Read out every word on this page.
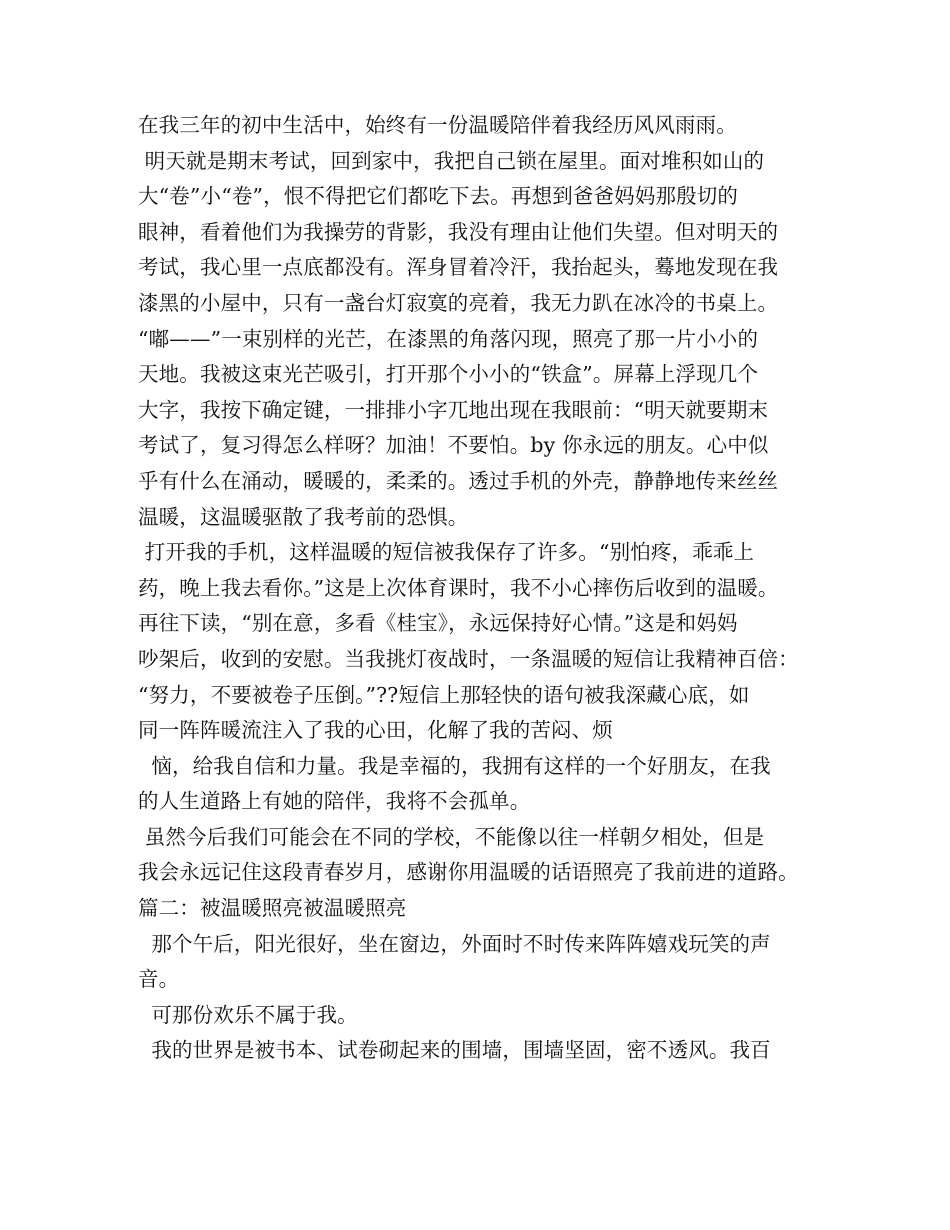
在我三年的初中生活中，始终有一份温暖陪伴着我经历风风雨雨。
明天就是期末考试，回到家中，我把自己锁在屋里。面对堆积如山的
大“卷”小“卷”，恨不得把它们都吃下去。再想到爸爸妈妈那殷切的
眼神，看着他们为我操劳的背影，我没有理由让他们失望。但对明天的
考试，我心里一点底都没有。浑身冒着冷汗，我抬起头，蓦地发现在我
漆黑的小屋中，只有一盏台灯寂寞的亮着，我无力趴在冰冷的书桌上。
“嘟——”一束别样的光芒，在漆黑的角落闪现，照亮了那一片小小的
天地。我被这束光芒吸引，打开那个小小的“铁盒”。屏幕上浮现几个
大字，我按下确定键，一排排小字兀地出现在我眼前：“明天就要期末
考试了，复习得怎么样呀？加油！不要怕。by 你永远的朋友。心中似
乎有什么在涌动，暖暖的，柔柔的。透过手机的外壳，静静地传来丝丝
温暖，这温暖驱散了我考前的恐惧。
打开我的手机，这样温暖的短信被我保存了许多。“别怕疼，乖乖上
药，晚上我去看你。”这是上次体育课时，我不小心摔伤后收到的温暖。
再往下读，“别在意，多看《桂宝》，永远保持好心情。”这是和妈妈
吵架后，收到的安慰。当我挑灯夜战时，一条温暖的短信让我精神百倍：
“努力，不要被卷子压倒。”??短信上那轻快的语句被我深藏心底，如
同一阵阵暖流注入了我的心田，化解了我的苦闷、烦
恼，给我自信和力量。我是幸福的，我拥有这样的一个好朋友，在我
的人生道路上有她的陪伴，我将不会孤单。
虽然今后我们可能会在不同的学校，不能像以往一样朝夕相处，但是
我会永远记住这段青春岁月，感谢你用温暖的话语照亮了我前进的道路。
篇二：被温暖照亮被温暖照亮
那个午后，阳光很好，坐在窗边，外面时不时传来阵阵嬉戏玩笑的声
音。
可那份欢乐不属于我。
我的世界是被书本、试卷砌起来的围墙，围墙坚固，密不透风。我百
